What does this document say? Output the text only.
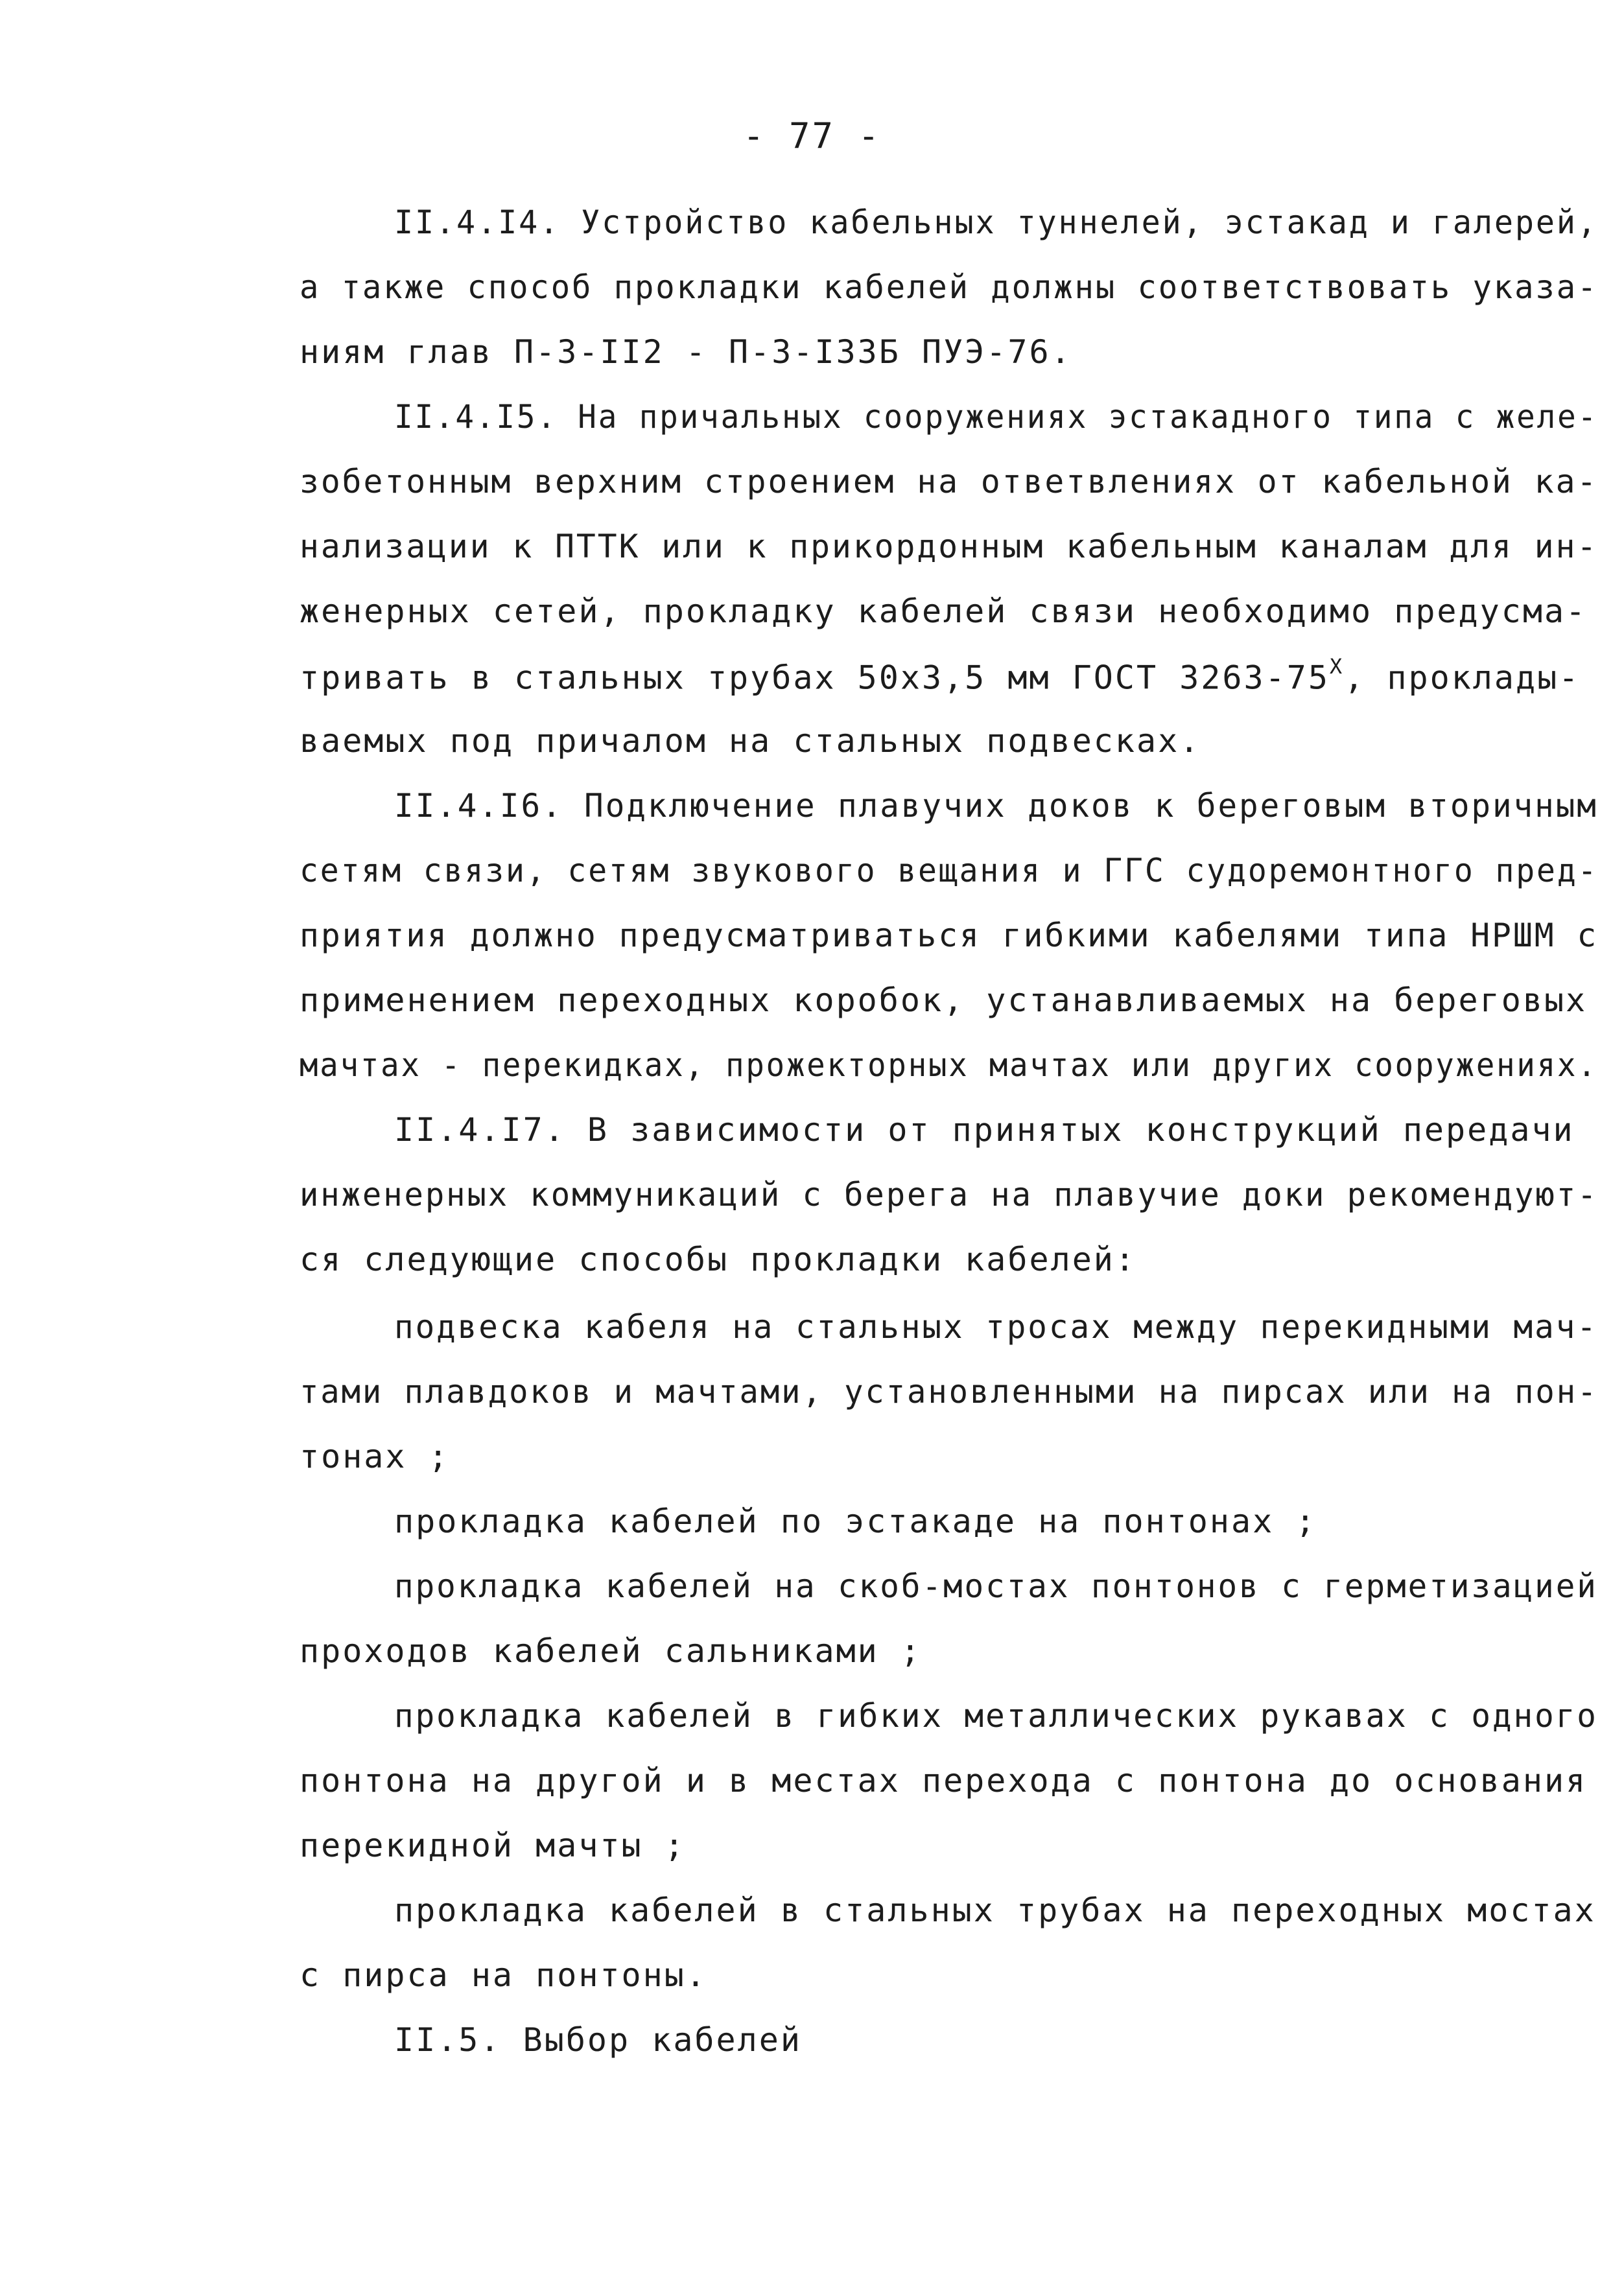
- 77 -

II.4.I4. Устройство кабельных туннелей, эстакад и галерей,

а также способ прокладки кабелей должны соответствовать указа-

ниям глав П-3-II2 - П-3-I33Б ПУЭ-76.

II.4.I5. На причальных сооружениях эстакадного типа с желе-

зобетонным верхним строением на ответвлениях от кабельной ка-

нализации к ПТТК или к прикордонным кабельным каналам для ин-

женерных сетей, прокладку кабелей связи необходимо предусма-

тривать в стальных трубах 50х3,5 мм ГОСТ $3263-75^Х$, проклады-

ваемых под причалом на стальных подвесках.

II.4.I6. Подключение плавучих доков к береговым вторичным

сетям связи, сетям звукового вещания и ГГС судоремонтного пред-

приятия должно предусматриваться гибкими кабелями типа НРШМ с

применением переходных коробок, устанавливаемых на береговых

мачтах - перекидках, прожекторных мачтах или других сооружениях.

II.4.I7. В зависимости от принятых конструкций передачи

инженерных коммуникаций с берега на плавучие доки рекомендуют-

ся следующие способы прокладки кабелей:

подвеска кабеля на стальных тросах между перекидными мач-

тами плавдоков и мачтами, установленными на пирсах или на пон-

тонах ;

прокладка кабелей по эстакаде на понтонах ;

прокладка кабелей на скоб-мостах понтонов с герметизацией

проходов кабелей сальниками ;

прокладка кабелей в гибких металлических рукавах с одного

понтона на другой и в местах перехода с понтона до основания

перекидной мачты ;

прокладка кабелей в стальных трубах на переходных мостах

с пирса на понтоны.

II.5. Выбор кабелей
